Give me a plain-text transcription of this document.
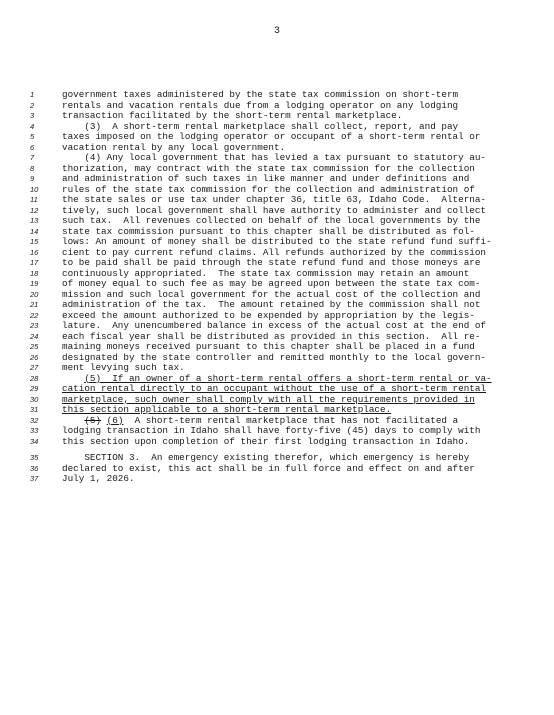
3
1	government taxes administered by the state tax commission on short-term
2	rentals and vacation rentals due from a lodging operator on any lodging
3	transaction facilitated by the short-term rental marketplace.
4	(3)  A short-term rental marketplace shall collect, report, and pay
5	taxes imposed on the lodging operator or occupant of a short-term rental or
6	vacation rental by any local government.
7	(4) Any local government that has levied a tax pursuant to statutory au-
8	thorization, may contract with the state tax commission for the collection
9	and administration of such taxes in like manner and under definitions and
10	rules of the state tax commission for the collection and administration of
11	the state sales or use tax under chapter 36, title 63, Idaho Code.  Alterna-
12	tively, such local government shall have authority to administer and collect
13	such tax.  All revenues collected on behalf of the local governments by the
14	state tax commission pursuant to this chapter shall be distributed as fol-
15	lows: An amount of money shall be distributed to the state refund fund suffi-
16	cient to pay current refund claims. All refunds authorized by the commission
17	to be paid shall be paid through the state refund fund and those moneys are
18	continuously appropriated.  The state tax commission may retain an amount
19	of money equal to such fee as may be agreed upon between the state tax com-
20	mission and such local government for the actual cost of the collection and
21	administration of the tax.  The amount retained by the commission shall not
22	exceed the amount authorized to be expended by appropriation by the legis-
23	lature.  Any unencumbered balance in excess of the actual cost at the end of
24	each fiscal year shall be distributed as provided in this section.  All re-
25	maining moneys received pursuant to this chapter shall be placed in a fund
26	designated by the state controller and remitted monthly to the local govern-
27	ment levying such tax.
28	(5)  If an owner of a short-term rental offers a short-term rental or va-
29	cation rental directly to an occupant without the use of a short-term rental
30	marketplace, such owner shall comply with all the requirements provided in
31	this section applicable to a short-term rental marketplace.
32	(5) (6)  A short-term rental marketplace that has not facilitated a
33	lodging transaction in Idaho shall have forty-five (45) days to comply with
34	this section upon completion of their first lodging transaction in Idaho.
35	SECTION 3.  An emergency existing therefor, which emergency is hereby
36	declared to exist, this act shall be in full force and effect on and after
37	July 1, 2026.
